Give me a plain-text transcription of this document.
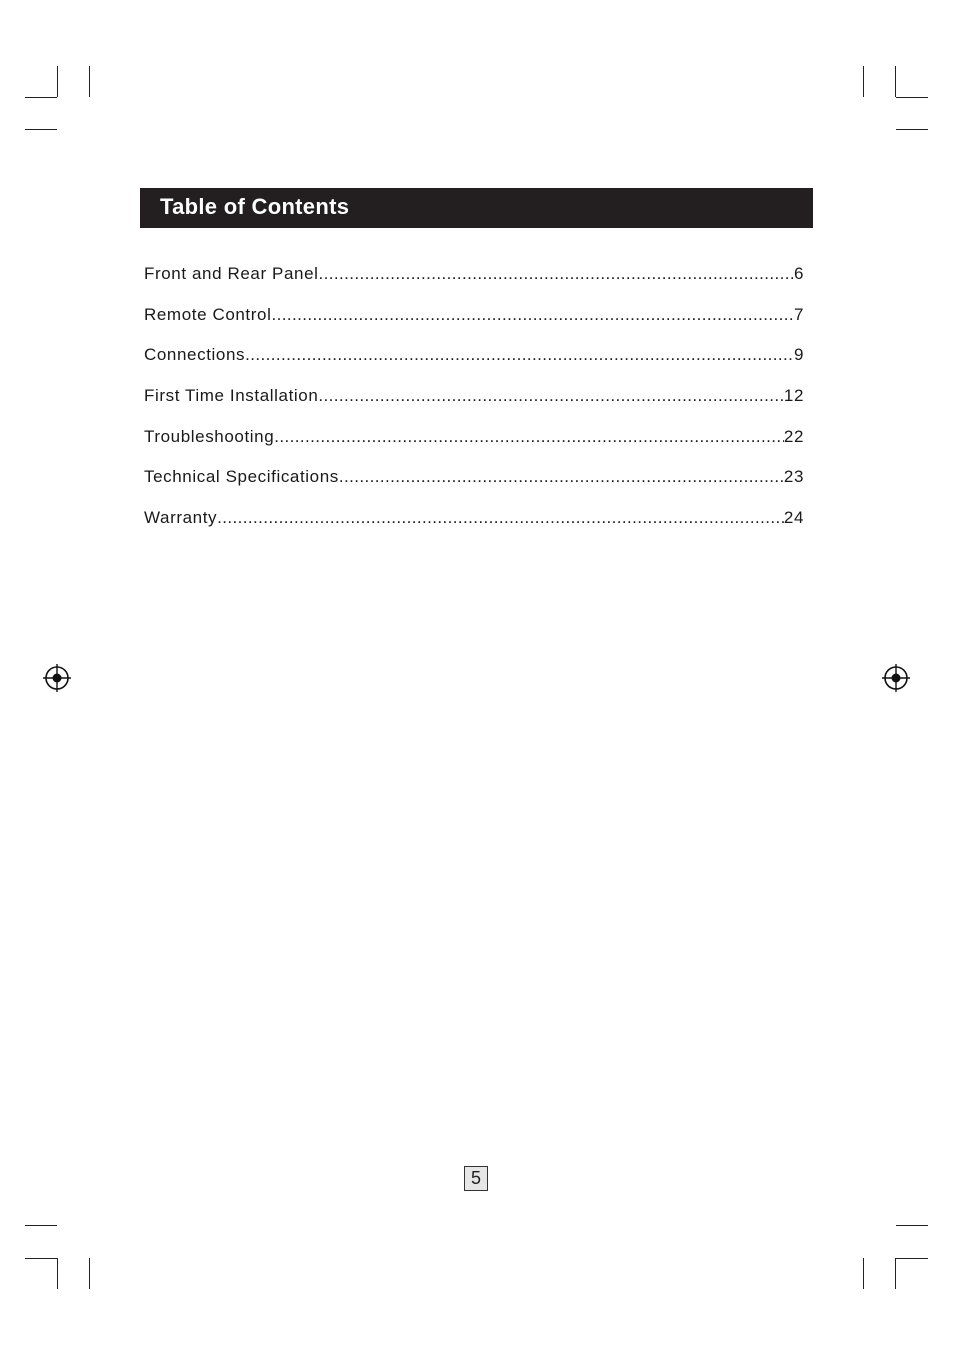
Table of Contents
Front and Rear Panel .....	6
Remote Control .....	7
Connections .....	9
First Time Installation .....	12
Troubleshooting .....	22
Technical Specifications .....	23
Warranty .....	24
5
